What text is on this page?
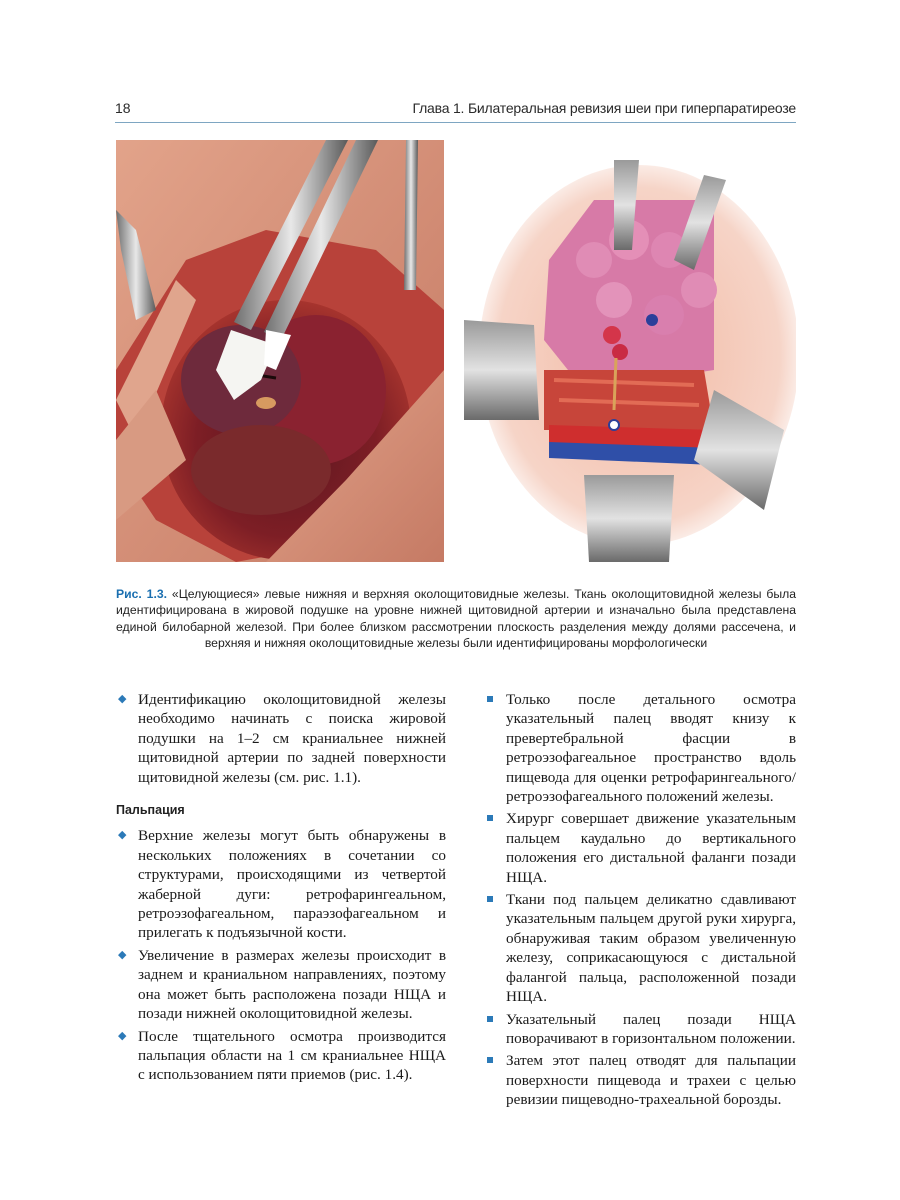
18	Глава 1. Билатеральная ревизия шеи при гиперпаратиреозе
Рис. 1.3. «Целующиеся» левые нижняя и верхняя околощитовидные железы. Ткань околощитовидной железы была идентифицирована в жировой подушке на уровне нижней щитовидной артерии и изначально была представлена единой билобарной железой. При более близком рассмотрении плоскость разделения между долями рассечена, и верхняя и нижняя околощитовидные железы были идентифицированы морфологически
◆ Идентификацию околощитовидной железы необходимо начинать с поиска жировой подушки на 1–2 см краниальнее нижней щитовидной артерии по задней поверхности щитовидной железы (см. рис. 1.1).
Пальпация
◆ Верхние железы могут быть обнаружены в нескольких положениях в сочетании со структурами, происходящими из четвертой жаберной дуги: ретрофарингеальном, ретроэзофагеальном, параэзофагеальном и прилегать к подъязычной кости.
◆ Увеличение в размерах железы происходит в заднем и краниальном направлениях, поэтому она может быть расположена позади НЩА и позади нижней околощитовидной железы.
◆ После тщательного осмотра производится пальпация области на 1 см краниальнее НЩА с использованием пяти приемов (рис. 1.4).
Только после детального осмотра указательный палец вводят книзу к превертебральной фасции в ретроэзофагеальное пространство вдоль пищевода для оценки ретрофарингеального/ретроэзофагеального положений железы.
Хирург совершает движение указательным пальцем каудально до вертикального положения его дистальной фаланги позади НЩА.
Ткани под пальцем деликатно сдавливают указательным пальцем другой руки хирурга, обнаруживая таким образом увеличенную железу, соприкасающуюся с дистальной фалангой пальца, расположенной позади НЩА.
Указательный палец позади НЩА поворачивают в горизонтальном положении.
Затем этот палец отводят для пальпации поверхности пищевода и трахеи с целью ревизии пищеводно-трахеальной борозды.
